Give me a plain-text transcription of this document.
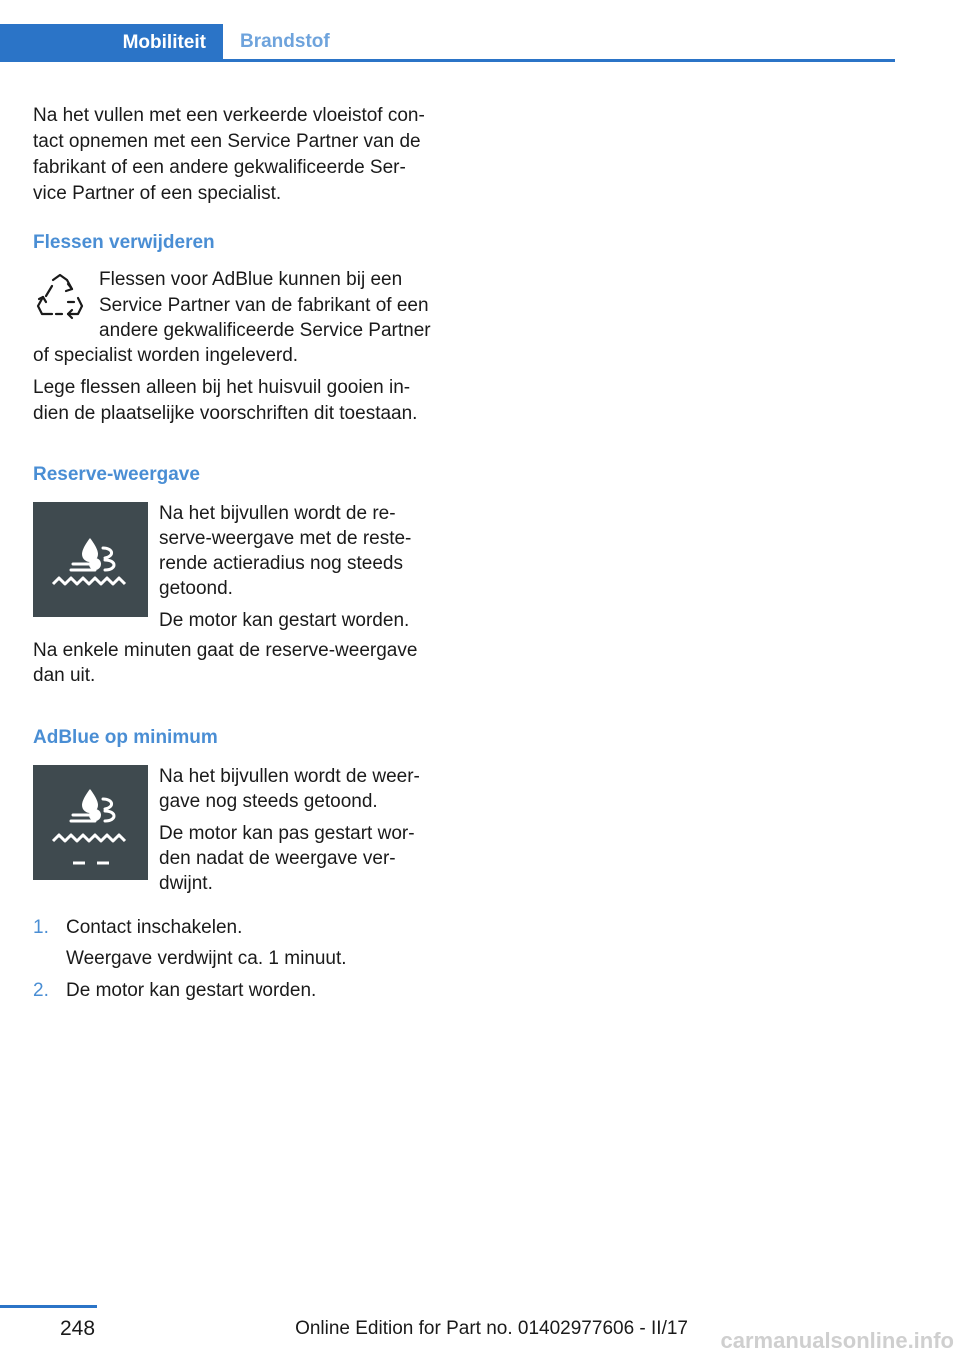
Mobiliteit	Brandstof

Na het vullen met een verkeerde vloeistof con-

tact opnemen met een Service Partner van de

fabrikant of een andere gekwalificeerde Ser-

vice Partner of een specialist.

Flessen verwijderen

Flessen voor AdBlue kunnen bij een

Service Partner van de fabrikant of een

andere gekwalificeerde Service Partner

of specialist worden ingeleverd.

Lege flessen alleen bij het huisvuil gooien in-

dien de plaatselijke voorschriften dit toestaan.

Reserve-weergave

Na het bijvullen wordt de re-

serve-weergave met de reste-

rende actieradius nog steeds

getoond.

De motor kan gestart worden.

Na enkele minuten gaat de reserve-weergave

dan uit.

AdBlue op minimum

Na het bijvullen wordt de weer-

gave nog steeds getoond.

De motor kan pas gestart wor-

den nadat de weergave ver-

dwijnt.

1. Contact inschakelen.

Weergave verdwijnt ca. 1 minuut.

2. De motor kan gestart worden.

248	Online Edition for Part no. 01402977606 - II/17 carmanualsonline.info
